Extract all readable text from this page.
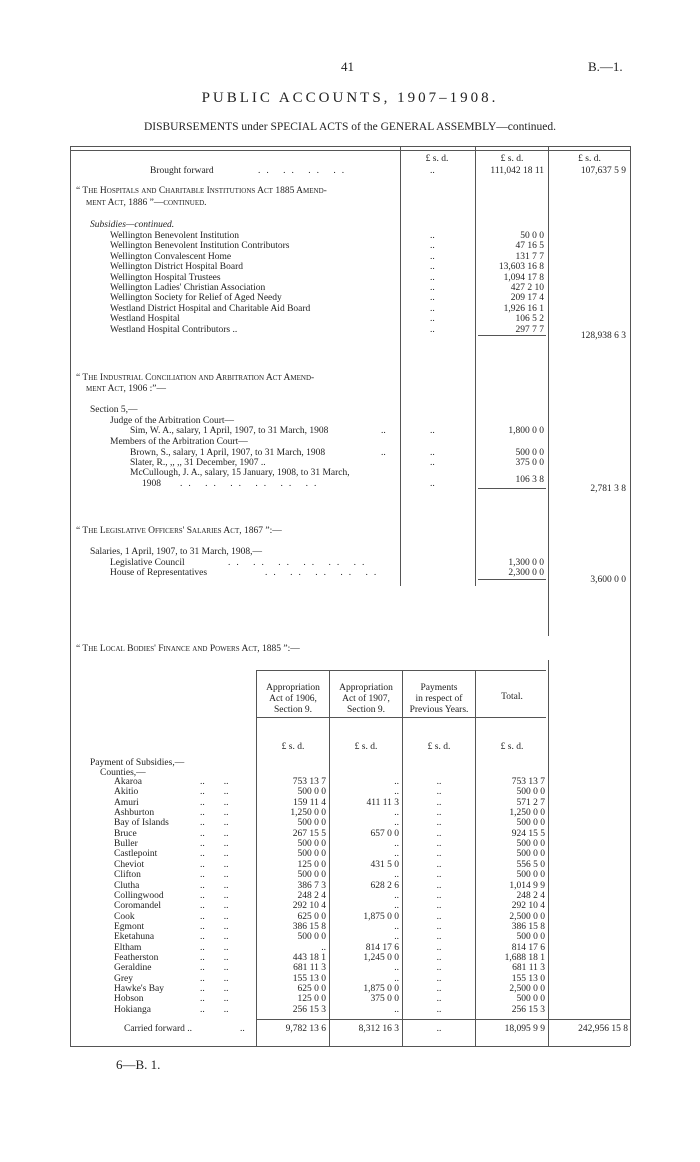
41	B.—1.
PUBLIC ACCOUNTS, 1907–1908.
DISBURSEMENTS under SPECIAL ACTS of the GENERAL ASSEMBLY—continued.
£ s. d.	£ s. d.	£ s. d.
Brought forward	.. .. .. ..	..	111,042 18 11	107,637 5 9
“ The Hospitals and Charitable Institutions Act 1885 Amend-
ment Act, 1886 ”—continued.
Subsidies—continued.
Wellington Benevolent Institution	..	50 0 0
Wellington Benevolent Institution Contributors	..	47 16 5
Wellington Convalescent Home	..	131 7 7
Wellington District Hospital Board	..	13,603 16 8
Wellington Hospital Trustees	..	1,094 17 8
Wellington Ladies' Christian Association	..	427 2 10
Wellington Society for Relief of Aged Needy	..	209 17 4
Westland District Hospital and Charitable Aid Board	..	1,926 16 1
Westland Hospital	..	106 5 2
Westland Hospital Contributors ..	..	297 7 7
128,938 6 3
“ The Industrial Conciliation and Arbitration Act Amend-
ment Act, 1906 :”—
Section 5,—
Judge of the Arbitration Court—
Sim, W. A., salary, 1 April, 1907, to 31 March, 1908	..	..	1,800 0 0
Members of the Arbitration Court—
Brown, S., salary, 1 April, 1907, to 31 March, 1908	..	..	500 0 0
Slater, R., ,, ,, 31 December, 1907 ..	..	375 0 0
McCullough, J. A., salary, 15 January, 1908, to 31 March,
1908 .. .. .. .. .. ..	..	106 3 8
2,781 3 8
“ The Legislative Officers' Salaries Act, 1867 ”:—
Salaries, 1 April, 1907, to 31 March, 1908,—
Legislative Council	.. .. .. .. .. ..	1,300 0 0
House of Representatives	.. .. .. .. ..	2,300 0 0
3,600 0 0
“ The Local Bodies' Finance and Powers Act, 1885 ”:—
Appropriation
Act of 1906,
Section 9.
Appropriation
Act of 1907,
Section 9.
Payments
in respect of
Previous Years.
Total.
£ s. d.	£ s. d.	£ s. d.	£ s. d.
Payment of Subsidies,—
Counties,—
Akaroa	753 13 7	..	..	753 13 7
..        ..
Akitio	500 0 0	..	..	500 0 0
..        ..
Amuri	159 11 4	411 11 3	..	571 2 7
..        ..
Ashburton	1,250 0 0	..	..	1,250 0 0
..        ..
Bay of Islands	500 0 0	..	..	500 0 0
..        ..
Bruce	267 15 5	657 0 0	..	924 15 5
..        ..
Buller	500 0 0	..	..	500 0 0
..        ..
Castlepoint	500 0 0	..	..	500 0 0
..        ..
Cheviot	125 0 0	431 5 0	..	556 5 0
..        ..
Clifton	500 0 0	..	..	500 0 0
..        ..
Clutha	386 7 3	628 2 6	..	1,014 9 9
..        ..
Collingwood	248 2 4	..	..	248 2 4
..        ..
Coromandel	292 10 4	..	..	292 10 4
..        ..
Cook	625 0 0	1,875 0 0	..	2,500 0 0
..        ..
Egmont	386 15 8	..	..	386 15 8
..        ..
Eketahuna	500 0 0	..	..	500 0 0
..        ..
Eltham	..	814 17 6	..	814 17 6
..        ..
Featherston	443 18 1	1,245 0 0	..	1,688 18 1
..        ..
Geraldine	681 11 3	..	..	681 11 3
..        ..
Grey	155 13 0	..	..	155 13 0
..        ..
Hawke's Bay	625 0 0	1,875 0 0	..	2,500 0 0
..        ..
Hobson	125 0 0	375 0 0	..	500 0 0
..        ..
Hokianga	256 15 3	..	..	256 15 3
..        ..
Carried forward ..	..	9,782 13 6	8,312 16 3	..	18,095 9 9	242,956 15 8
6—B. 1.
